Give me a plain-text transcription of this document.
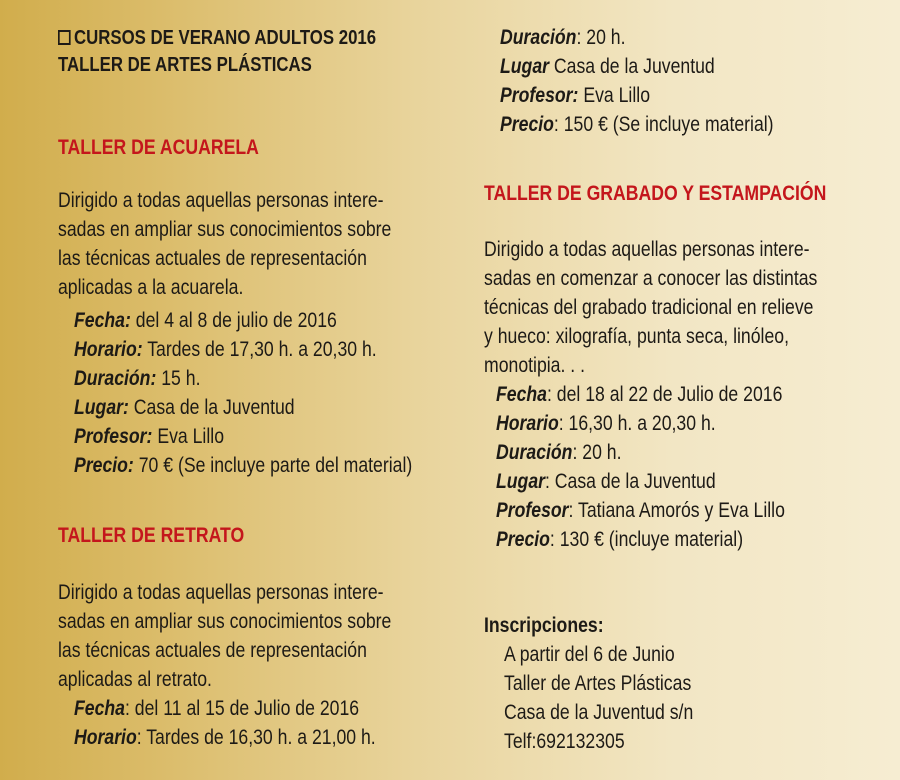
CURSOS DE VERANO ADULTOS 2016
TALLER DE ARTES PLÁSTICAS
TALLER DE ACUARELA
Dirigido a todas aquellas personas intere-
sadas en ampliar sus conocimientos sobre
las técnicas actuales de representación
aplicadas a la acuarela.
Fecha: del 4 al 8 de julio de 2016
Horario: Tardes de 17,30 h. a 20,30 h.
Duración: 15 h.
Lugar: Casa de la Juventud
Profesor: Eva Lillo
Precio: 70 € (Se incluye parte del material)
TALLER DE RETRATO
Dirigido a todas aquellas personas intere-
sadas en ampliar sus conocimientos sobre
las técnicas actuales de representación
aplicadas al retrato.
Fecha: del 11 al 15 de Julio de 2016
Horario: Tardes de 16,30 h. a 21,00 h.
Duración: 20 h.
Lugar Casa de la Juventud
Profesor: Eva Lillo
Precio: 150 € (Se incluye material)
TALLER DE GRABADO Y ESTAMPACIÓN
Dirigido a todas aquellas personas intere-
sadas en comenzar a conocer las distintas
técnicas del grabado tradicional en relieve
y hueco: xilografía, punta seca, linóleo,
monotipia. . .
Fecha: del 18 al 22 de Julio de 2016
Horario: 16,30 h. a 20,30 h.
Duración: 20 h.
Lugar: Casa de la Juventud
Profesor: Tatiana Amorós y Eva Lillo
Precio: 130 € (incluye material)
Inscripciones:
A partir del 6 de Junio
Taller de Artes Plásticas
Casa de la Juventud s/n
Telf:692132305
